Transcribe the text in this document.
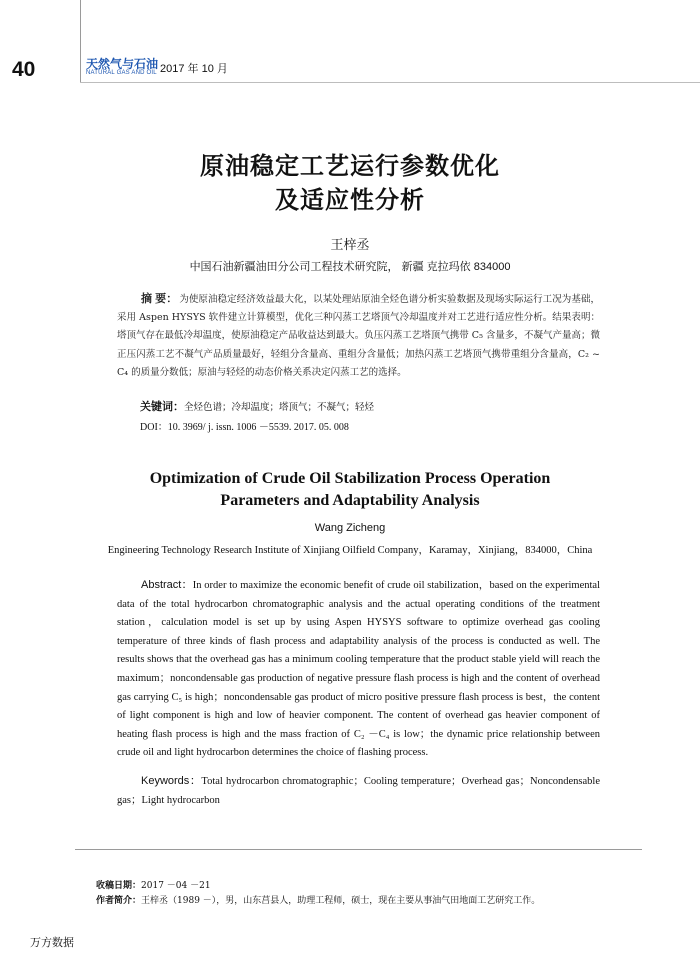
40	天然气与石油
NATURAL GAS AND OIL 2017 年 10 月
原油稳定工艺运行参数优化
及适应性分析
王梓丞
中国石油新疆油田分公司工程技术研究院， 新疆 克拉玛依 834000
摘 要： 为使原油稳定经济效益最大化，以某处理站原油全烃色谱分析实验数据及现场实际运行工况为基础，采用 Aspen HYSYS 软件建立计算模型，优化三种闪蒸工艺塔顶气冷却温度并对工艺进行适应性分析。结果表明：塔顶气存在最低冷却温度，使原油稳定产品收益达到最大。负压闪蒸工艺塔顶气携带 C₅ 含量多，不凝气产量高；微正压闪蒸工艺不凝气产品质量最好，轻组分含量高、重组分含量低；加热闪蒸工艺塔顶气携带重组分含量高，C₂ ~ C₄ 的质量分数低；原油与轻烃的动态价格关系决定闪蒸工艺的选择。
关键词：全烃色谱；冷却温度；塔顶气；不凝气；轻烃
DOI：10. 3969/ j. issn. 1006 －5539. 2017. 05. 008
Optimization of Crude Oil Stabilization Process Operation
Parameters and Adaptability Analysis
Wang Zicheng
Engineering Technology Research Institute of Xinjiang Oilfield Company，Karamay，Xinjiang，834000，China
Abstract：In order to maximize the economic benefit of crude oil stabilization，based on the experimental data of the total hydrocarbon chromatographic analysis and the actual operating conditions of the treatment station，calculation model is set up by using Aspen HYSYS software to optimize overhead gas cooling temperature of three kinds of flash process and adaptability analysis of the process is conducted as well. The results shows that the overhead gas has a minimum cooling temperature that the product stable yield will reach the maximum；noncondensable gas production of negative pressure flash process is high and the content of overhead gas carrying C₅ is high；noncondensable gas product of micro positive pressure flash process is best，the content of light component is high and low of heavier component. The content of overhead gas heavier component of heating flash process is high and the mass fraction of C₂ －C₄ is low；the dynamic price relationship between crude oil and light hydrocarbon determines the choice of flashing process.
Keywords：Total hydrocarbon chromatographic；Cooling temperature；Overhead gas；Noncondensable gas；Light hydrocarbon
收稿日期：2017 －04 －21
作者简介：王梓丞（1989 －），男，山东莒县人，助理工程师，硕士，现在主要从事油气田地面工艺研究工作。
万方数据
